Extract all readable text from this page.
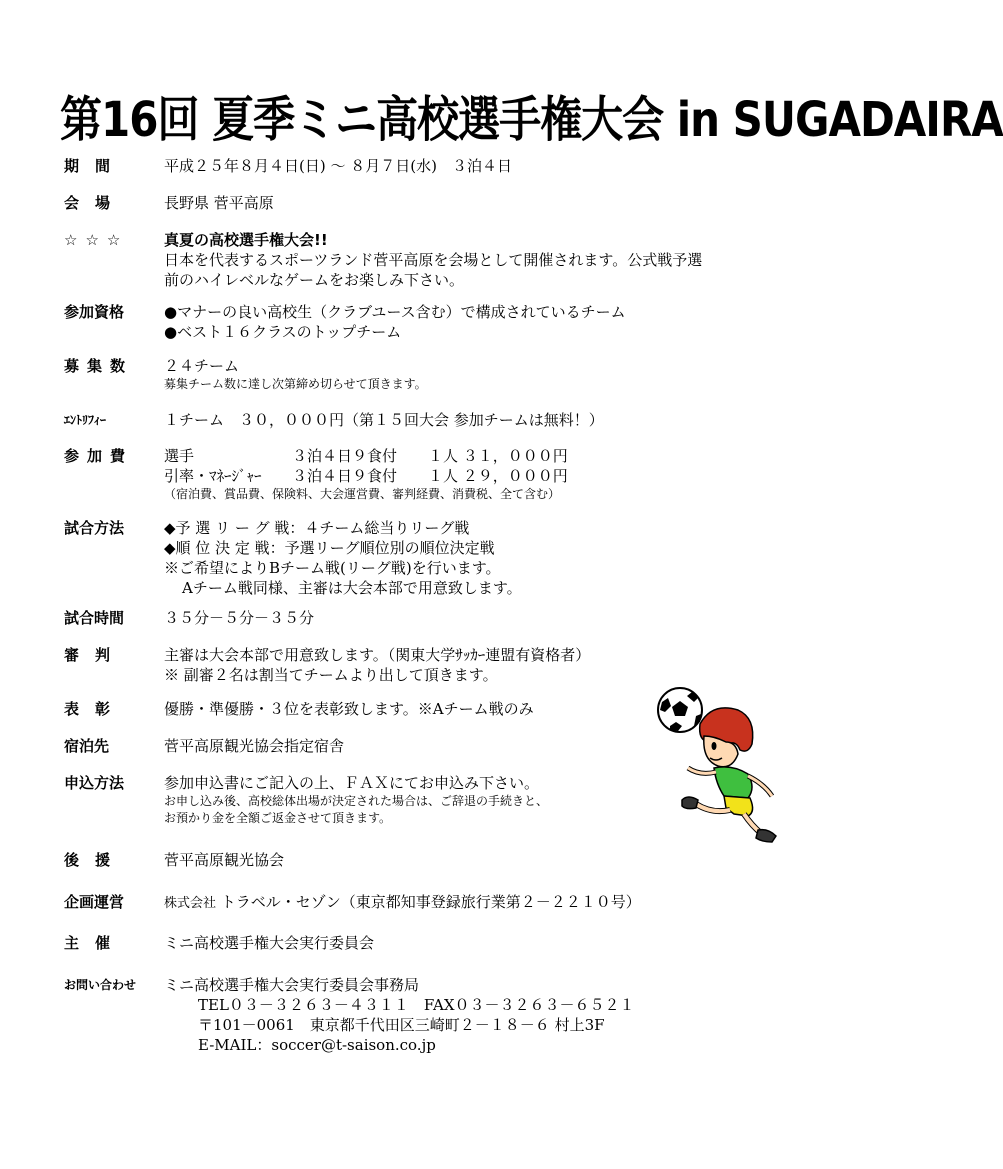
第16回 夏季ミニ高校選手権大会 in SUGADAIRA
期間	平成２５年８月４日(日) ～ ８月７日(水)　３泊４日
会場	長野県 菅平高原
☆☆☆	真夏の高校選手権大会!!
日本を代表するスポーツランド菅平高原を会場として開催されます。公式戦予選
前のハイレベルなゲームをお楽しみ下さい。
参加資格	●マナーの良い高校生（クラブユース含む）で構成されているチーム
●ベスト１６クラスのトップチーム
募集数	２４チーム
募集チーム数に達し次第締め切らせて頂きます。
ｴﾝﾄﾘﾌｨｰ	１チーム　３０，０００円（第１５回大会 参加チームは無料！）
参加費	選手	３泊４日９食付 １人 ３１，０００円
引率・ﾏﾈｰｼﾞｬｰ ３泊４日９食付 １人 ２９，０００円
（宿泊費、賞品費、保険料、大会運営費、審判経費、消費税、全て含む）
試合方法	◆予 選 リ ー グ 戦：４チーム総当りリーグ戦
◆順 位 決 定 戦：予選リーグ順位別の順位決定戦
※ご希望によりBチーム戦(リーグ戦)を行います。
Aチーム戦同様、主審は大会本部で用意致します。
試合時間	３５分－５分－３５分
審判	主審は大会本部で用意致します。（関東大学ｻｯｶｰ連盟有資格者）
※ 副審２名は割当てチームより出して頂きます。
表彰	優勝・準優勝・３位を表彰致します。※Aチーム戦のみ
宿泊先	菅平高原観光協会指定宿舎
申込方法	参加申込書にご記入の上、ＦＡＸにてお申込み下さい。
お申し込み後、高校総体出場が決定された場合は、ご辞退の手続きと、
お預かり金を全額ご返金させて頂きます。
後援	菅平高原観光協会
企画運営	株式会社 トラベル・セゾン（東京都知事登録旅行業第２－２２１０号）
主催	ミニ高校選手権大会実行委員会
お問い合わせ	ミニ高校選手権大会実行委員会事務局
TEL０３－３２６３－４３１１　FAX０３－３２６３－６５２１
〒101－0061　東京都千代田区三崎町２－１８－６ 村上3F
E-MAIL：soccer@t-saison.co.jp
